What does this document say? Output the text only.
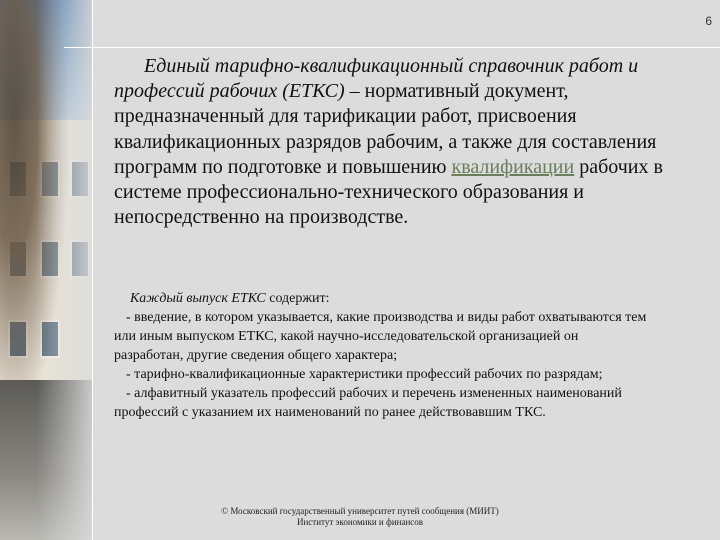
6

Единый тарифно-квалификационный справочник работ и профессий рабочих (ЕТКС) – нормативный документ, предназначенный для тарификации работ, присвоения квалификационных разрядов рабочим, а также для составления программ по подготовке и повышению квалификации рабочих в системе профессионально-технического образования и непосредственно на производстве.

Каждый выпуск ЕТКС содержит:

- введение, в котором указывается, какие производства и виды работ охватываются тем или иным выпуском ЕТКС, какой научно-исследовательской организацией он разработан, другие сведения общего характера;

- тарифно-квалификационные характеристики профессий рабочих по разрядам;

- алфавитный указатель профессий рабочих и перечень измененных наименований профессий с указанием их наименований по ранее действовавшим ТКС.

© Московский государственный университет путей сообщения (МИИТ)
Институт экономики и финансов
